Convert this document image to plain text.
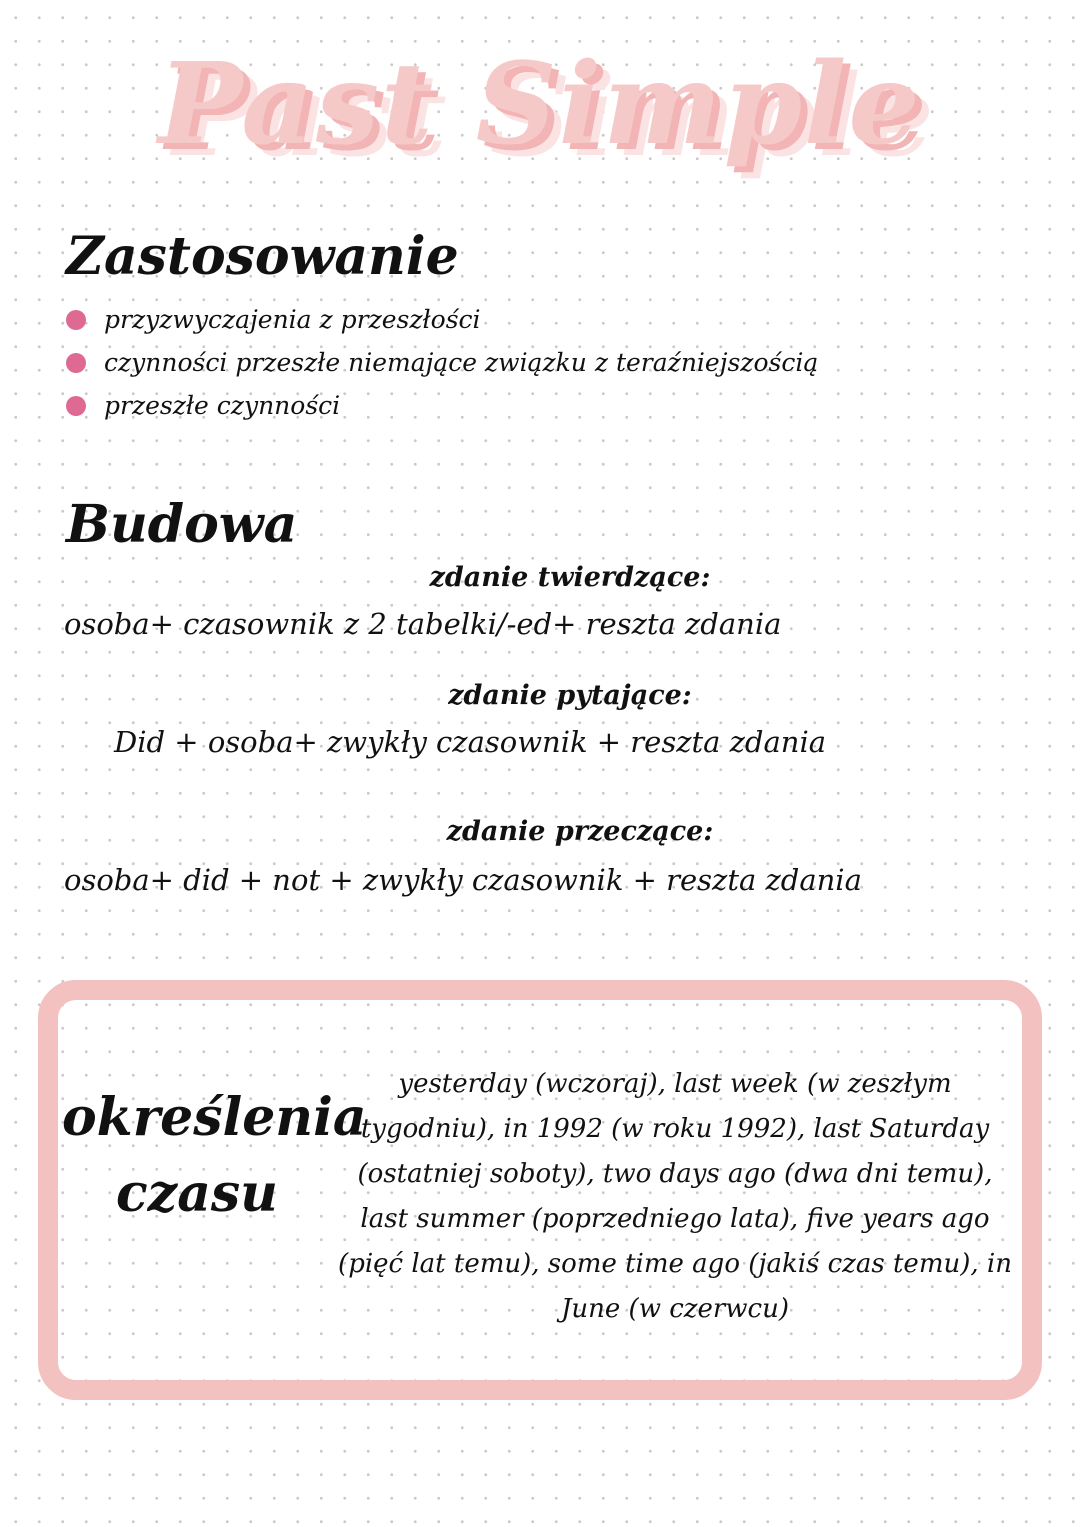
Past Simple
Zastosowanie
przyzwyczajenia z przeszłości
czynności przeszłe niemające związku z teraźniejszością
przeszłe czynności
Budowa
zdanie twierdzące:
osoba+ czasownik z 2 tabelki/-ed+ reszta zdania
zdanie pytające:
Did + osoba+ zwykły czasownik + reszta zdania
zdanie przeczące:
osoba+ did + not + zwykły czasownik + reszta zdania
określenia
czasu
yesterday (wczoraj), last week (w zeszłym tygodniu), in 1992 (w roku 1992), last Saturday (ostatniej soboty), two days ago (dwa dni temu), last summer (poprzedniego lata), five years ago (pięć lat temu), some time ago (jakiś czas temu), in June (w czerwcu)
